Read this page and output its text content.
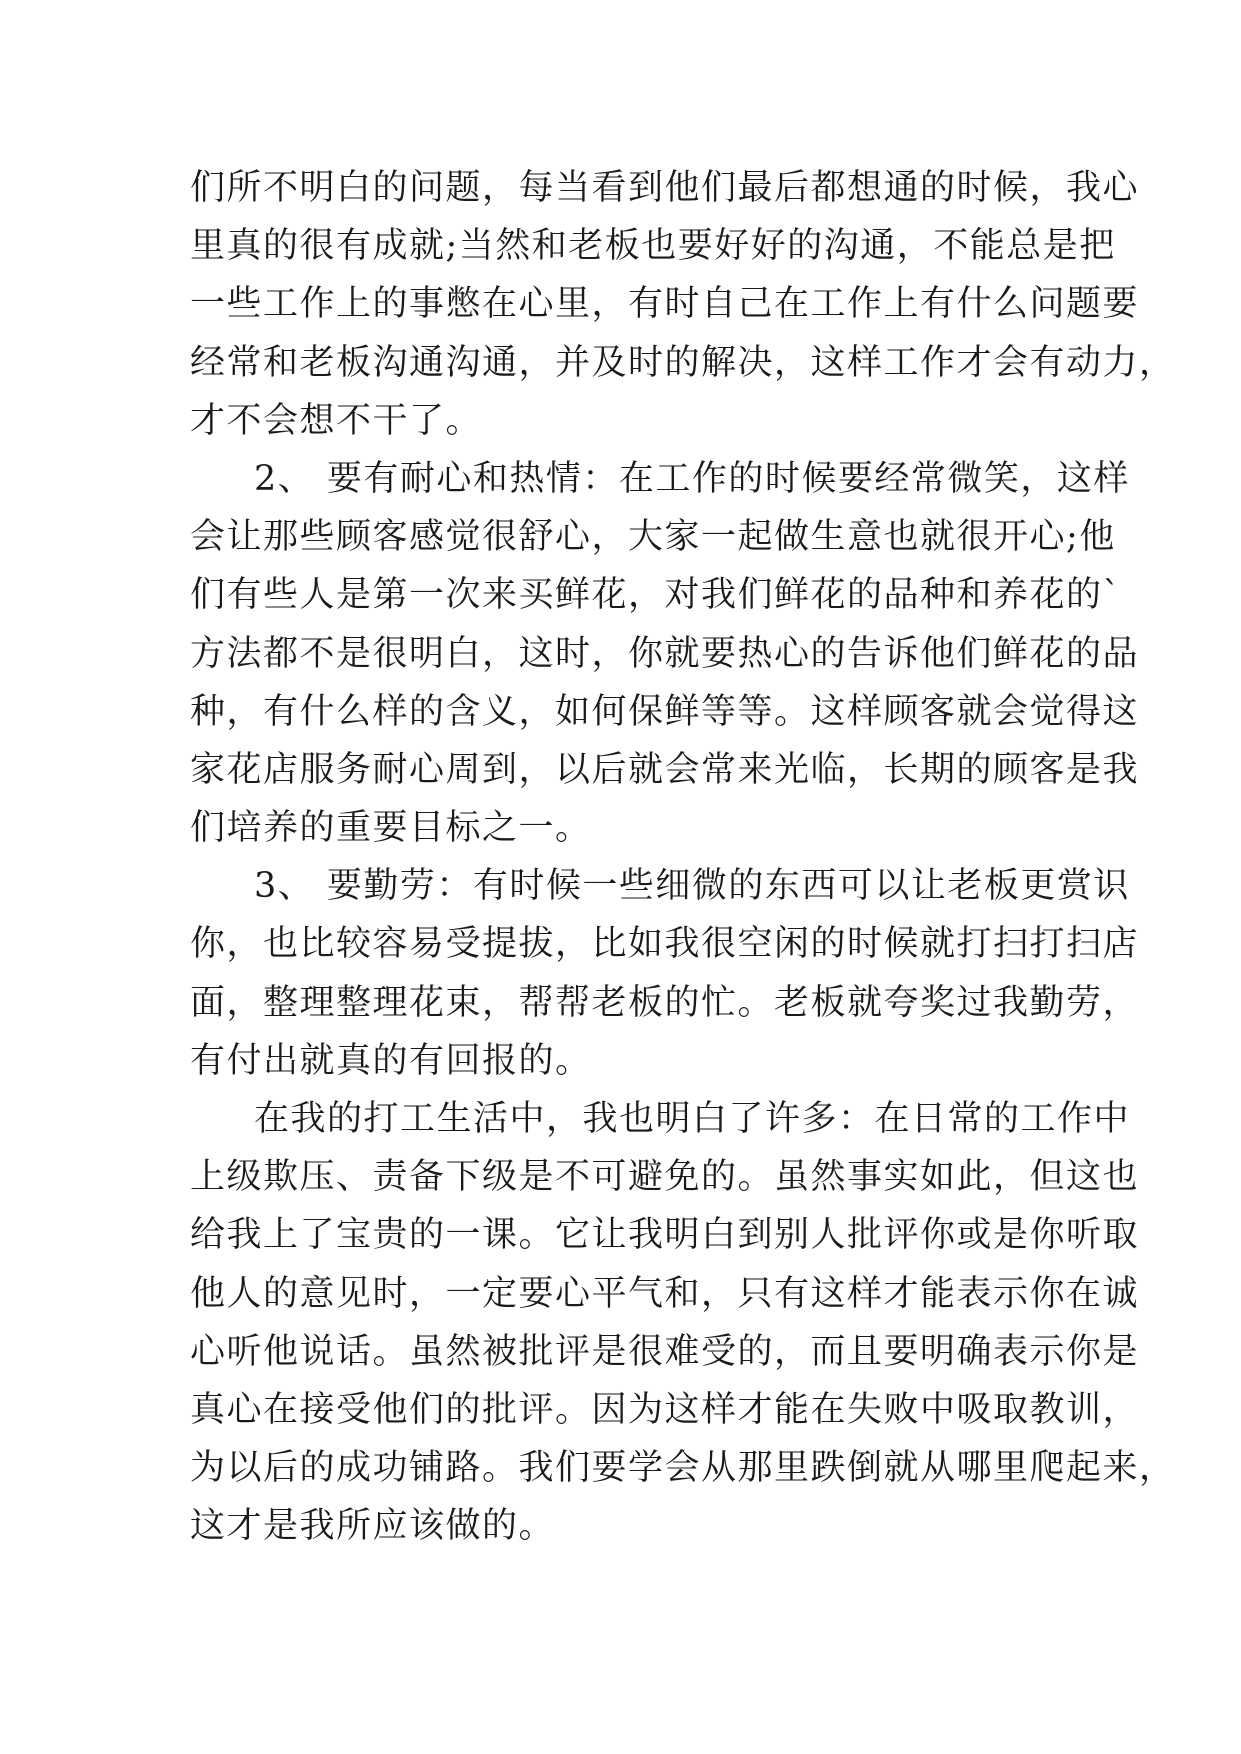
们所不明白的问题，每当看到他们最后都想通的时候，我心
里真的很有成就;当然和老板也要好好的沟通，不能总是把
一些工作上的事憋在心里，有时自己在工作上有什么问题要
经常和老板沟通沟通，并及时的解决，这样工作才会有动力，
才不会想不干了。
2、 要有耐心和热情：在工作的时候要经常微笑，这样
会让那些顾客感觉很舒心，大家一起做生意也就很开心;他
们有些人是第一次来买鲜花，对我们鲜花的品种和养花的`
方法都不是很明白，这时，你就要热心的告诉他们鲜花的品
种，有什么样的含义，如何保鲜等等。这样顾客就会觉得这
家花店服务耐心周到，以后就会常来光临，长期的顾客是我
们培养的重要目标之一。
3、 要勤劳：有时候一些细微的东西可以让老板更赏识
你，也比较容易受提拔，比如我很空闲的时候就打扫打扫店
面，整理整理花束，帮帮老板的忙。老板就夸奖过我勤劳，
有付出就真的有回报的。
在我的打工生活中，我也明白了许多：在日常的工作中
上级欺压、责备下级是不可避免的。虽然事实如此，但这也
给我上了宝贵的一课。它让我明白到别人批评你或是你听取
他人的意见时，一定要心平气和，只有这样才能表示你在诚
心听他说话。虽然被批评是很难受的，而且要明确表示你是
真心在接受他们的批评。因为这样才能在失败中吸取教训，
为以后的成功铺路。我们要学会从那里跌倒就从哪里爬起来，
这才是我所应该做的。
